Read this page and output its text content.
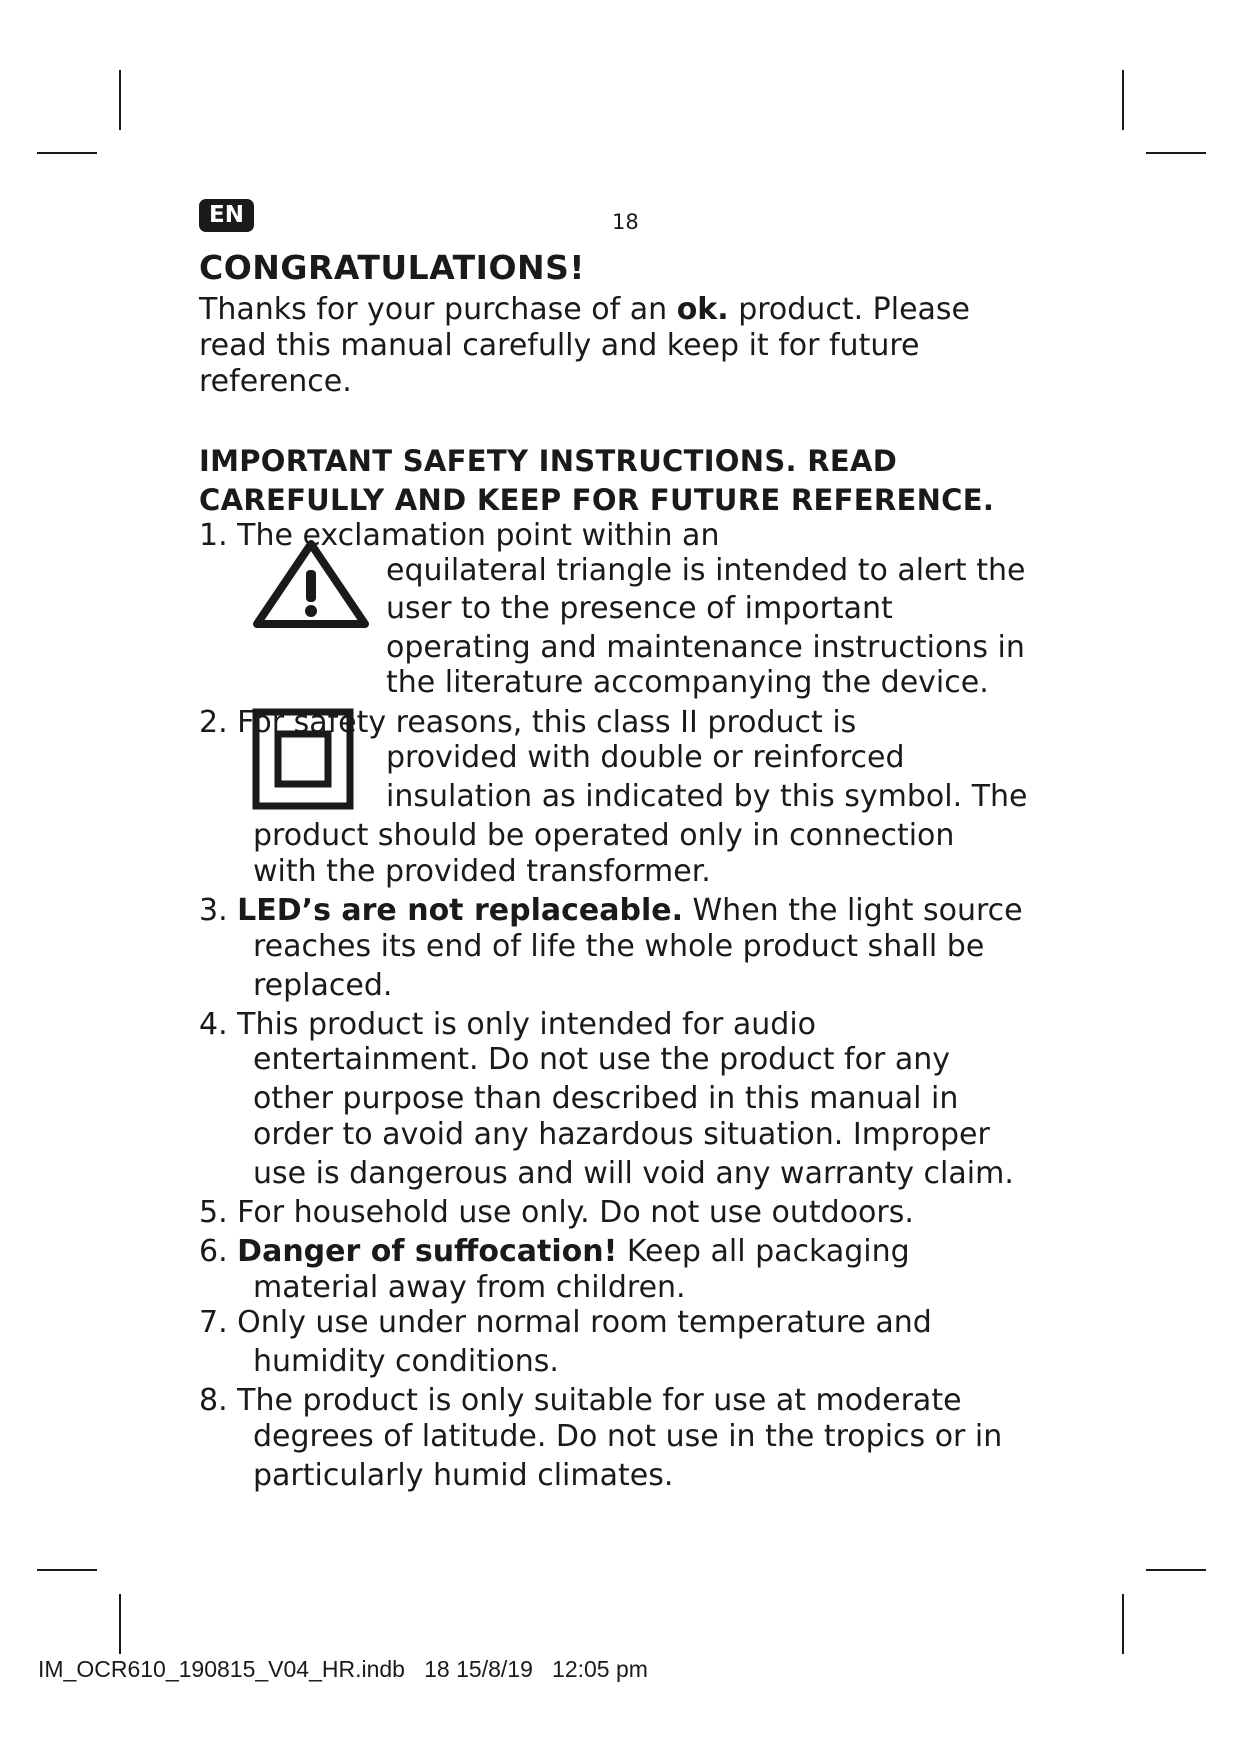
EN	18
CONGRATULATIONS!
Thanks for your purchase of an ok. product. Please read this manual carefully and keep it for future reference.
IMPORTANT SAFETY INSTRUCTIONS. READ
CAREFULLY AND KEEP FOR FUTURE REFERENCE.
1. The exclamation point within an
equilateral triangle is intended to alert the
user to the presence of important
operating and maintenance instructions in
the literature accompanying the device.
2. For safety reasons, this class II product is
provided with double or reinforced
insulation as indicated by this symbol. The
product should be operated only in connection
with the provided transformer.
3. LED’s are not replaceable. When the light source
reaches its end of life the whole product shall be
replaced.
4. This product is only intended for audio
entertainment. Do not use the product for any
other purpose than described in this manual in
order to avoid any hazardous situation. Improper
use is dangerous and will void any warranty claim.
5. For household use only. Do not use outdoors.
6. Danger of suffocation! Keep all packaging
material away from children.
7. Only use under normal room temperature and
humidity conditions.
8. The product is only suitable for use at moderate
degrees of latitude. Do not use in the tropics or in
particularly humid climates.
IM_OCR610_190815_V04_HR.indb 18 15/8/19 12:05 pm
